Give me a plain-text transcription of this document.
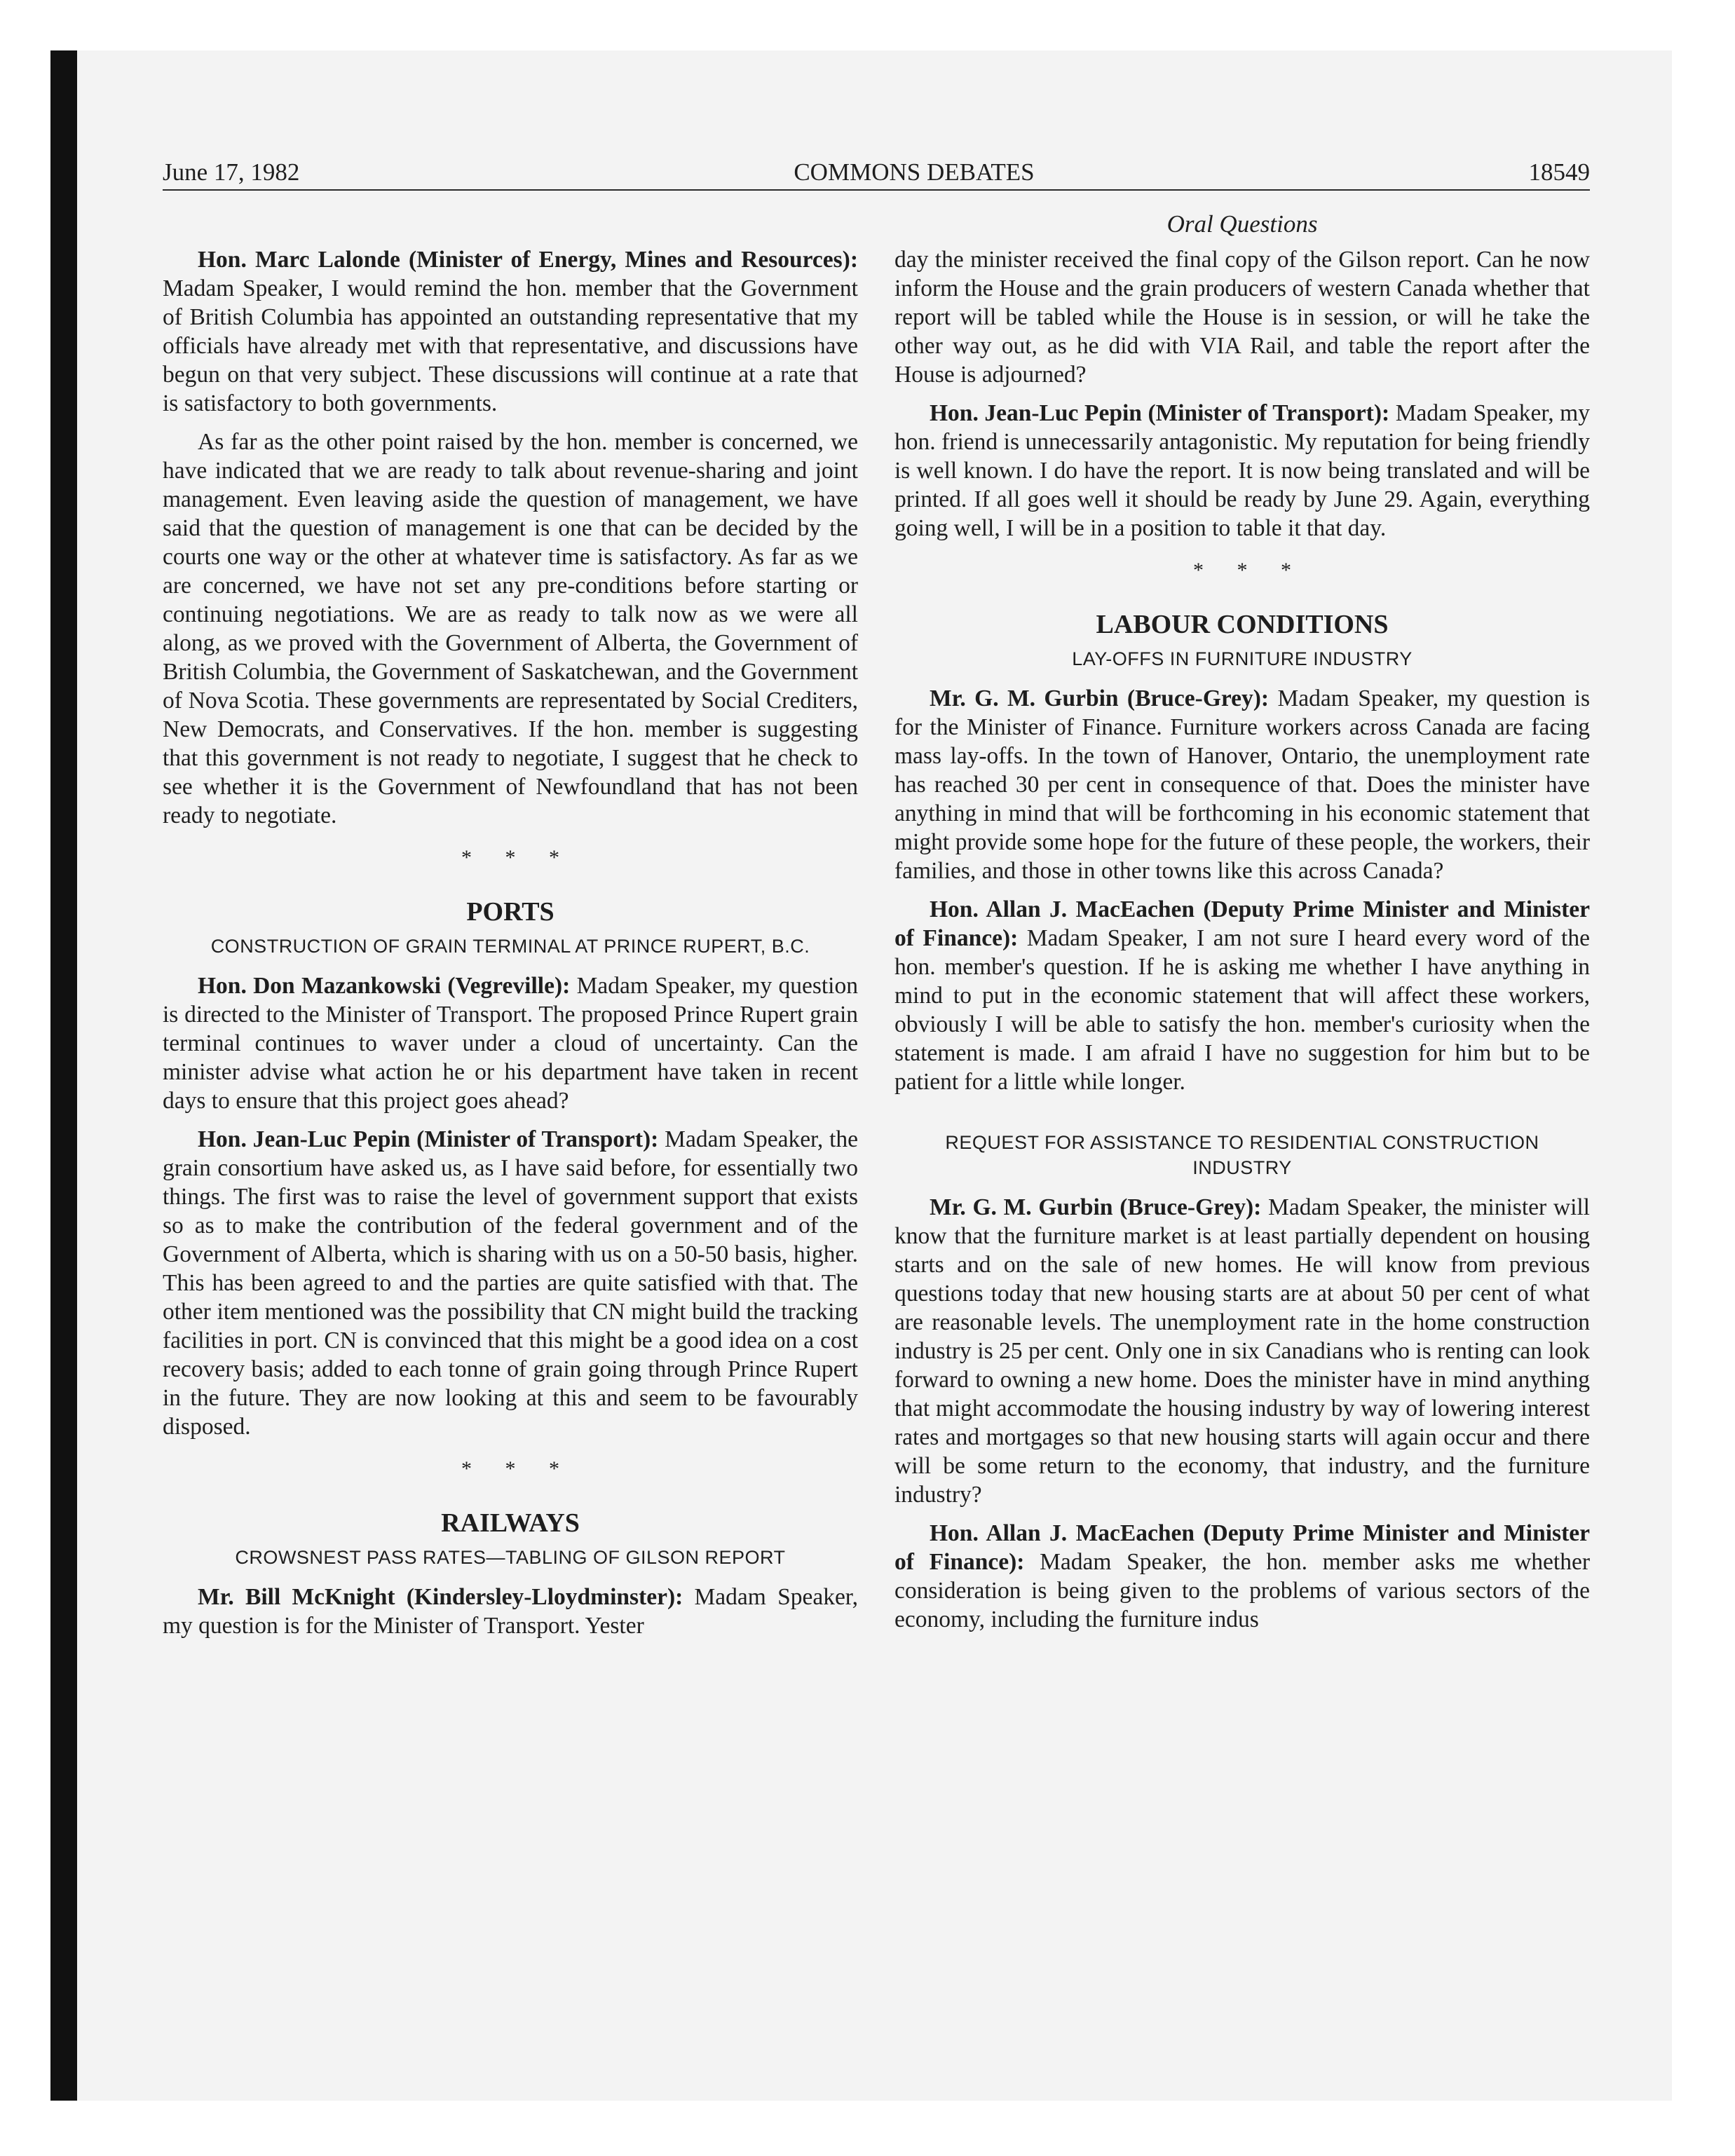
June 17, 1982	COMMONS DEBATES	18549
Oral Questions

Hon. Marc Lalonde (Minister of Energy, Mines and Resources): Madam Speaker, I would remind the hon. member that the Government of British Columbia has appointed an outstanding representative that my officials have already met with that representative, and discussions have begun on that very subject. These discussions will continue at a rate that is satisfactory to both governments.

As far as the other point raised by the hon. member is concerned, we have indicated that we are ready to talk about revenue-sharing and joint management. Even leaving aside the question of management, we have said that the question of management is one that can be decided by the courts one way or the other at whatever time is satisfactory. As far as we are concerned, we have not set any pre-conditions before starting or continuing negotiations. We are as ready to talk now as we were all along, as we proved with the Government of Alberta, the Government of British Columbia, the Government of Saskatchewan, and the Government of Nova Scotia. These governments are representated by Social Crediters, New Democrats, and Conservatives. If the hon. member is suggesting that this government is not ready to negotiate, I suggest that he check to see whether it is the Government of Newfoundland that has not been ready to negotiate.

* * *
PORTS
CONSTRUCTION OF GRAIN TERMINAL AT PRINCE RUPERT, B.C.

Hon. Don Mazankowski (Vegreville): Madam Speaker, my question is directed to the Minister of Transport. The proposed Prince Rupert grain terminal continues to waver under a cloud of uncertainty. Can the minister advise what action he or his department have taken in recent days to ensure that this project goes ahead?

Hon. Jean-Luc Pepin (Minister of Transport): Madam Speaker, the grain consortium have asked us, as I have said before, for essentially two things. The first was to raise the level of government support that exists so as to make the contribution of the federal government and of the Government of Alberta, which is sharing with us on a 50-50 basis, higher. This has been agreed to and the parties are quite satisfied with that. The other item mentioned was the possibility that CN might build the tracking facilities in port. CN is convinced that this might be a good idea on a cost recovery basis; added to each tonne of grain going through Prince Rupert in the future. They are now looking at this and seem to be favourably disposed.

* * *
RAILWAYS
CROWSNEST PASS RATES—TABLING OF GILSON REPORT

Mr. Bill McKnight (Kindersley-Lloydminster): Madam Speaker, my question is for the Minister of Transport. Yester

day the minister received the final copy of the Gilson report. Can he now inform the House and the grain producers of western Canada whether that report will be tabled while the House is in session, or will he take the other way out, as he did with VIA Rail, and table the report after the House is adjourned?

Hon. Jean-Luc Pepin (Minister of Transport): Madam Speaker, my hon. friend is unnecessarily antagonistic. My reputation for being friendly is well known. I do have the report. It is now being translated and will be printed. If all goes well it should be ready by June 29. Again, everything going well, I will be in a position to table it that day.

* * *
LABOUR CONDITIONS
LAY-OFFS IN FURNITURE INDUSTRY

Mr. G. M. Gurbin (Bruce-Grey): Madam Speaker, my question is for the Minister of Finance. Furniture workers across Canada are facing mass lay-offs. In the town of Hanover, Ontario, the unemployment rate has reached 30 per cent in consequence of that. Does the minister have anything in mind that will be forthcoming in his economic statement that might provide some hope for the future of these people, the workers, their families, and those in other towns like this across Canada?

Hon. Allan J. MacEachen (Deputy Prime Minister and Minister of Finance): Madam Speaker, I am not sure I heard every word of the hon. member's question. If he is asking me whether I have anything in mind to put in the economic statement that will affect these workers, obviously I will be able to satisfy the hon. member's curiosity when the statement is made. I am afraid I have no suggestion for him but to be patient for a little while longer.

REQUEST FOR ASSISTANCE TO RESIDENTIAL CONSTRUCTION INDUSTRY

Mr. G. M. Gurbin (Bruce-Grey): Madam Speaker, the minister will know that the furniture market is at least partially dependent on housing starts and on the sale of new homes. He will know from previous questions today that new housing starts are at about 50 per cent of what are reasonable levels. The unemployment rate in the home construction industry is 25 per cent. Only one in six Canadians who is renting can look forward to owning a new home. Does the minister have in mind anything that might accommodate the housing industry by way of lowering interest rates and mortgages so that new housing starts will again occur and there will be some return to the economy, that industry, and the furniture industry?

Hon. Allan J. MacEachen (Deputy Prime Minister and Minister of Finance): Madam Speaker, the hon. member asks me whether consideration is being given to the problems of various sectors of the economy, including the furniture indus
